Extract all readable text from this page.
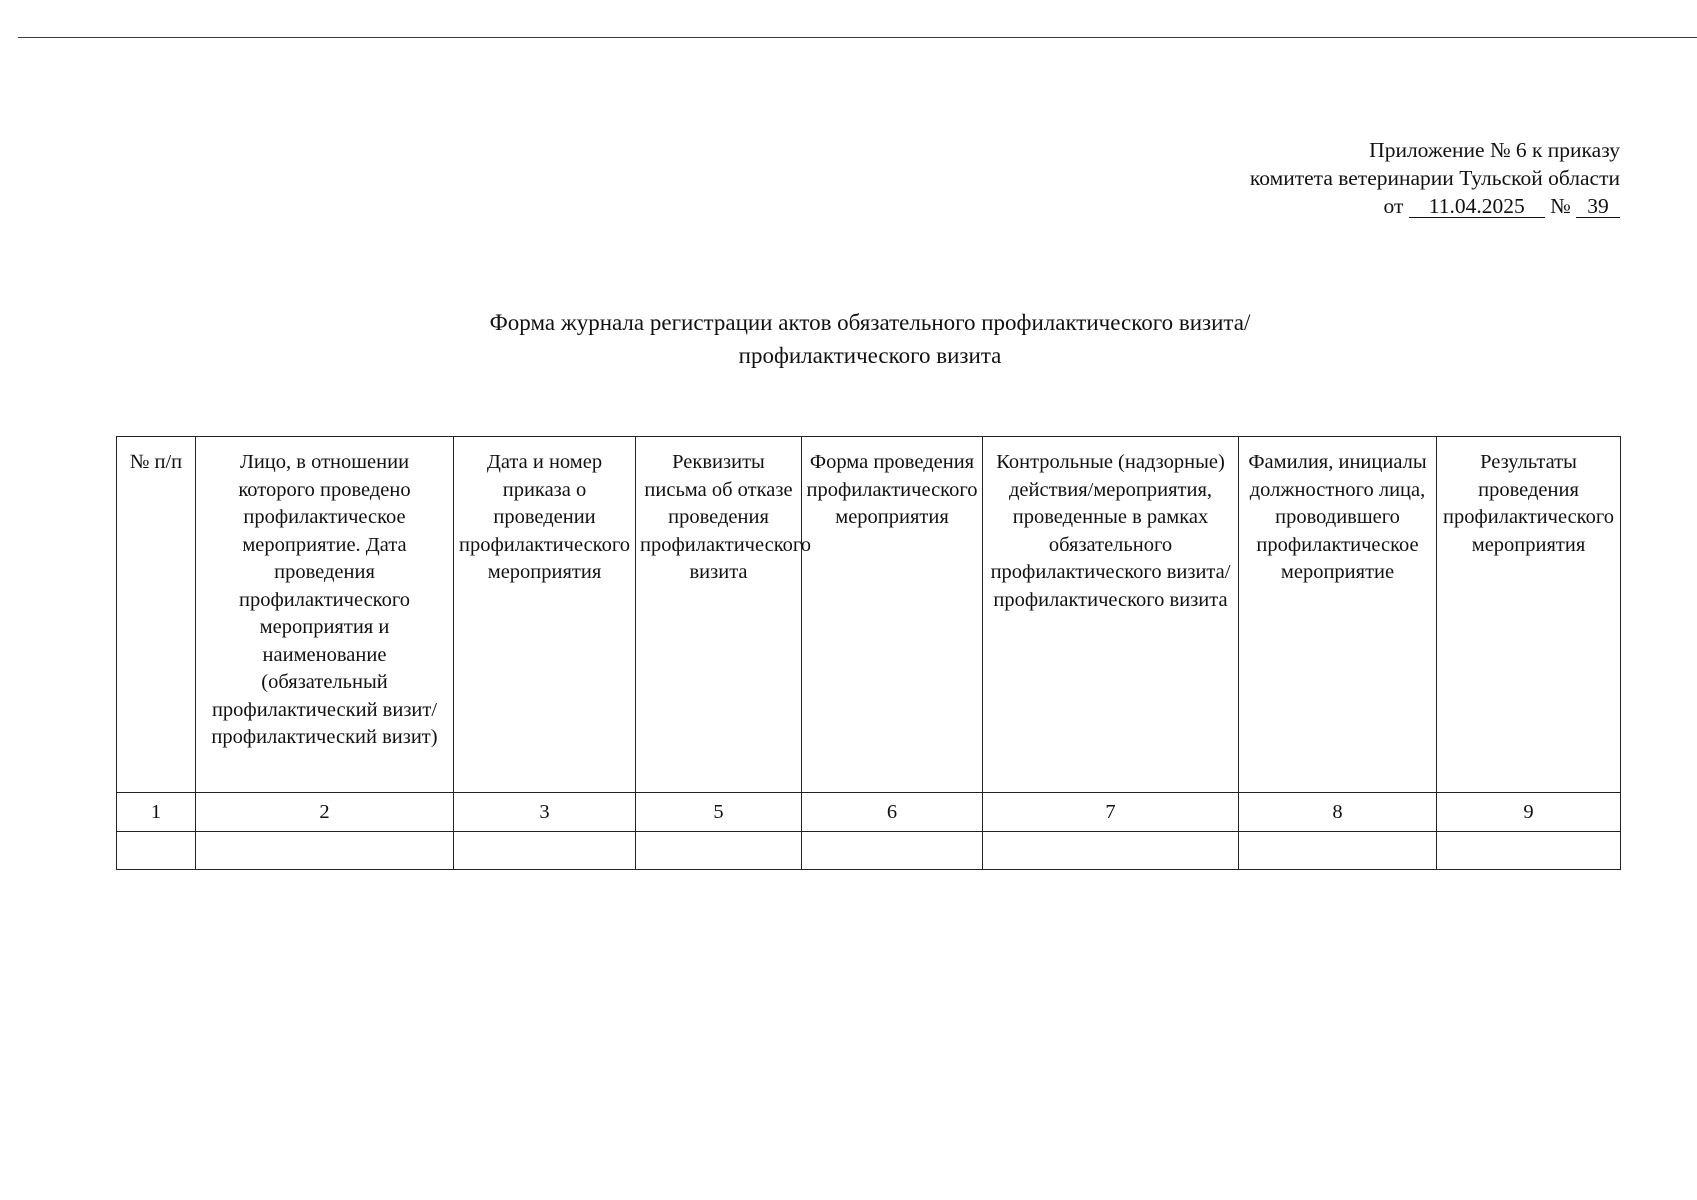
Приложение № 6 к приказу
комитета ветеринарии Тульской области
от 11.04.2025 № 39
Форма журнала регистрации актов обязательного профилактического визита/
профилактического визита
№ п/п	Лицо, в отношении которого проведено профилактическое мероприятие. Дата проведения профилактического мероприятия и наименование (обязательный профилактический визит/профилактический визит)	Дата и номер приказа о проведении профилактического мероприятия	Реквизиты письма об отказе проведения профилактического визита	Форма проведения профилактического мероприятия	Контрольные (надзорные) действия/мероприятия, проведенные в рамках обязательного профилактического визита/профилактического визита	Фамилия, инициалы должностного лица, проводившего профилактическое мероприятие	Результаты проведения профилактического мероприятия
1	2	3	5	6	7	8	9
